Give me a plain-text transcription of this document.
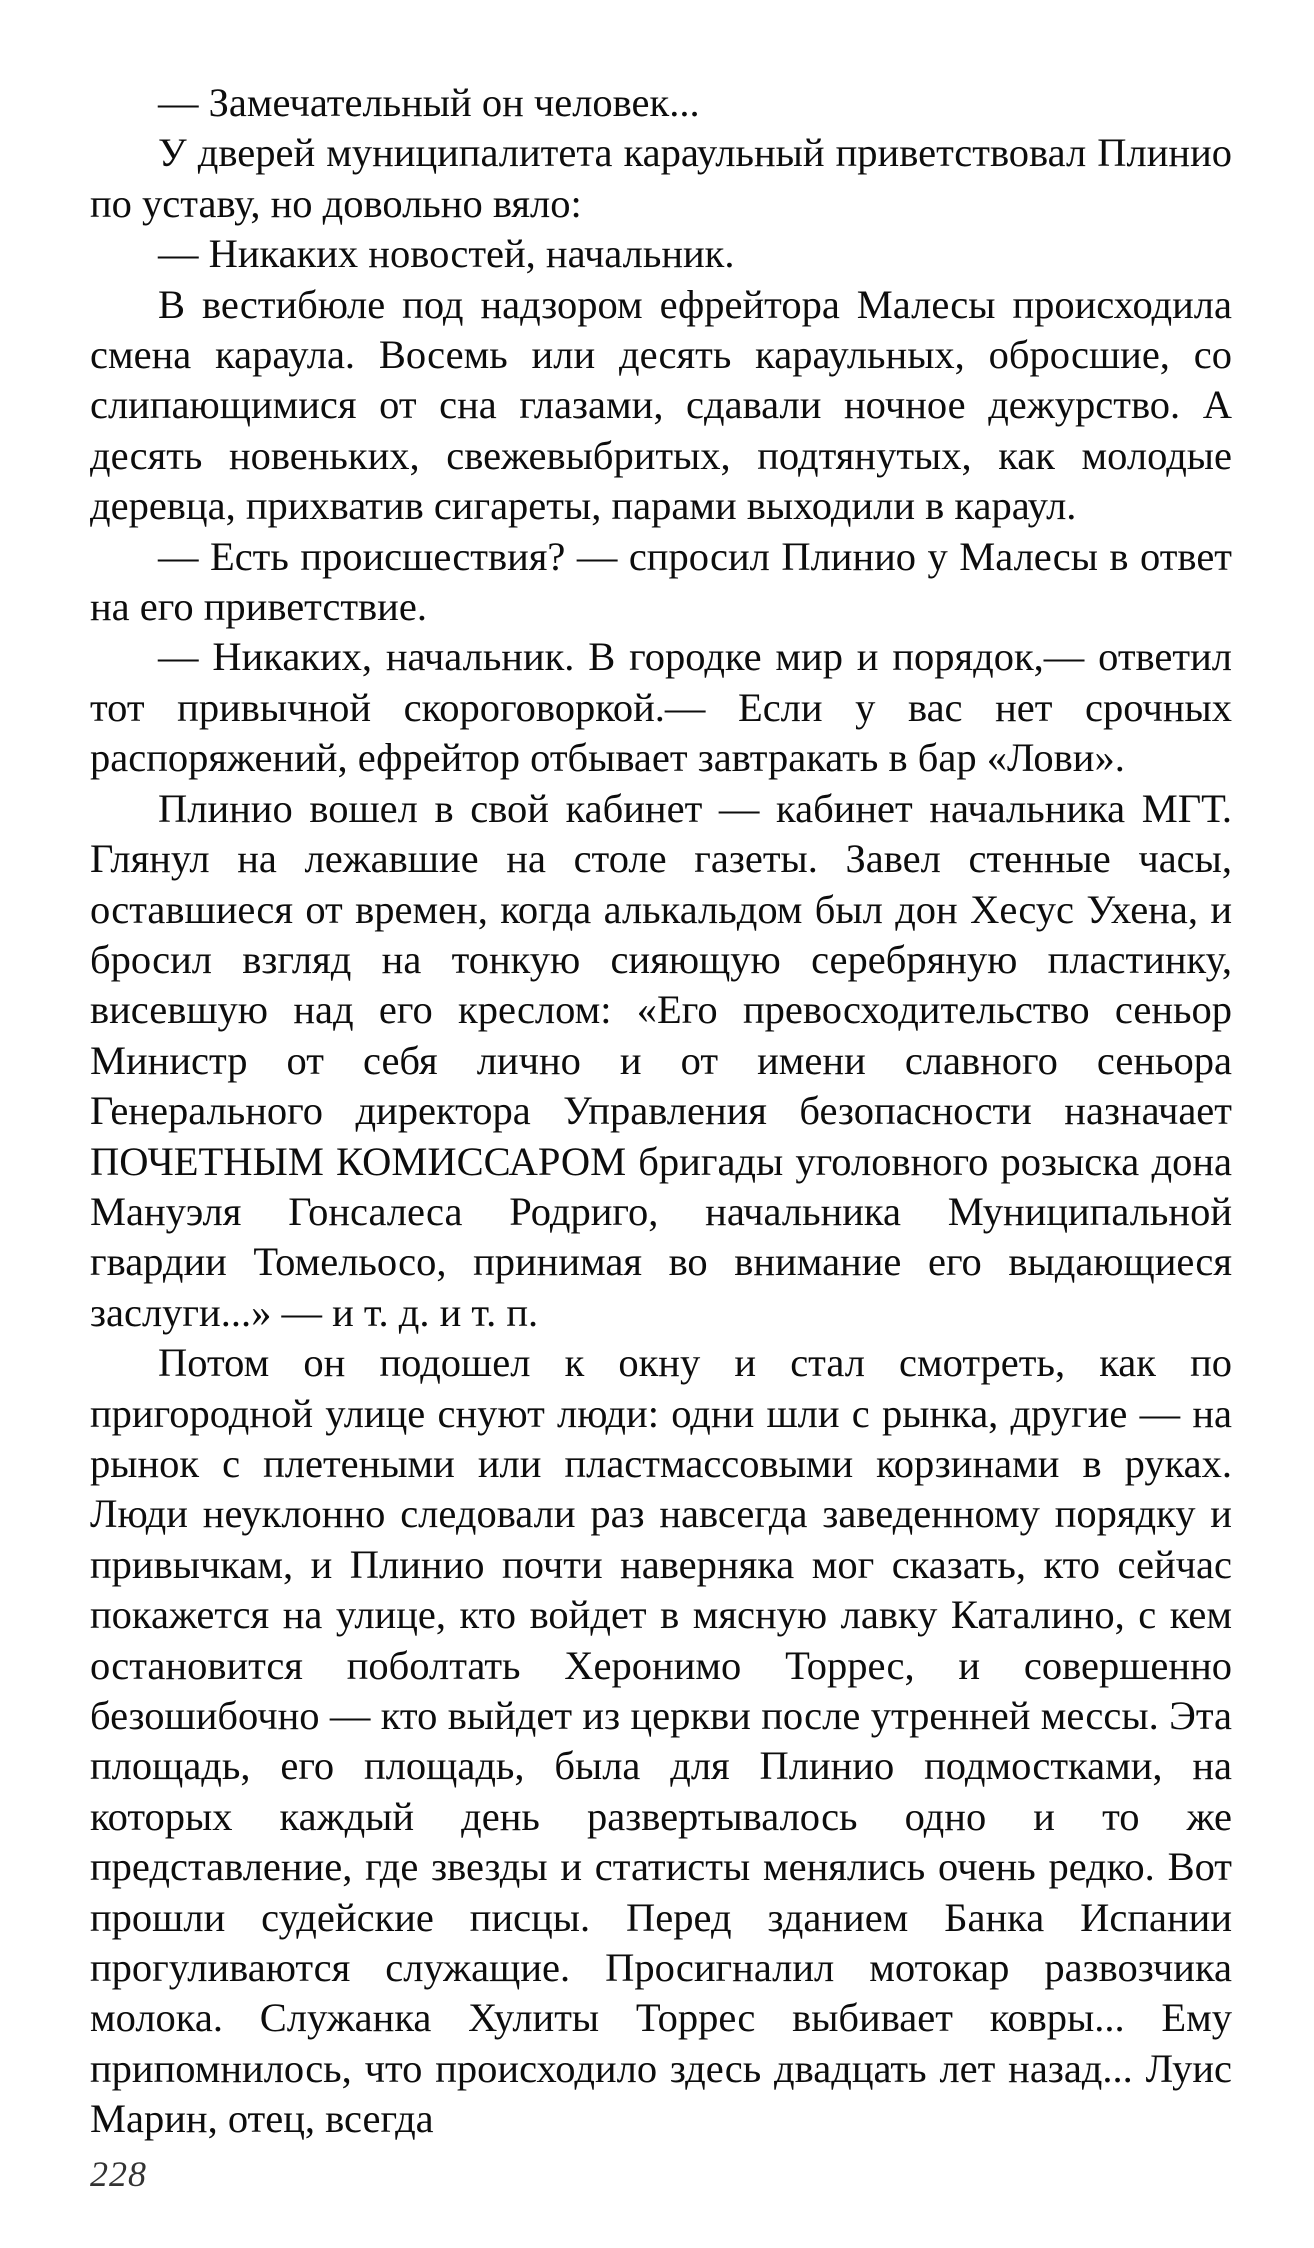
— Замечательный он человек...

У дверей муниципалитета караульный приветствовал Плинио по уставу, но довольно вяло:

— Никаких новостей, начальник.

В вестибюле под надзором ефрейтора Малесы происходила смена караула. Восемь или десять караульных, обросшие, со слипающимися от сна глазами, сдавали ночное дежурство. А десять новеньких, свежевыбритых, подтянутых, как молодые деревца, прихватив сигареты, парами выходили в караул.

— Есть происшествия? — спросил Плинио у Малесы в ответ на его приветствие.

— Никаких, начальник. В городке мир и порядок,— ответил тот привычной скороговоркой.— Если у вас нет срочных распоряжений, ефрейтор отбывает завтракать в бар «Лови».

Плинио вошел в свой кабинет — кабинет начальника МГТ. Глянул на лежавшие на столе газеты. Завел стенные часы, оставшиеся от времен, когда алькальдом был дон Хесус Ухена, и бросил взгляд на тонкую сияющую серебряную пластинку, висевшую над его креслом: «Его превосходительство сеньор Министр от себя лично и от имени славного сеньора Генерального директора Управления безопасности назначает ПОЧЕТНЫМ КОМИССАРОМ бригады уголовного розыска дона Мануэля Гонсалеса Родриго, начальника Муниципальной гвардии Томельосо, принимая во внимание его выдающиеся заслуги...» — и т. д. и т. п.

Потом он подошел к окну и стал смотреть, как по пригородной улице снуют люди: одни шли с рынка, другие — на рынок с плетеными или пластмассовыми корзинами в руках. Люди неуклонно следовали раз навсегда заведенному порядку и привычкам, и Плинио почти наверняка мог сказать, кто сейчас покажется на улице, кто войдет в мясную лавку Каталино, с кем остановится поболтать Херонимо Торрес, и совершенно безошибочно — кто выйдет из церкви после утренней мессы. Эта площадь, его площадь, была для Плинио подмостками, на которых каждый день развертывалось одно и то же представление, где звезды и статисты менялись очень редко. Вот прошли судейские писцы. Перед зданием Банка Испании прогуливаются служащие. Просигналил мотокар развозчика молока. Служанка Хулиты Торрес выбивает ковры... Ему припомнилось, что происходило здесь двадцать лет назад... Луис Марин, отец, всегда

228
